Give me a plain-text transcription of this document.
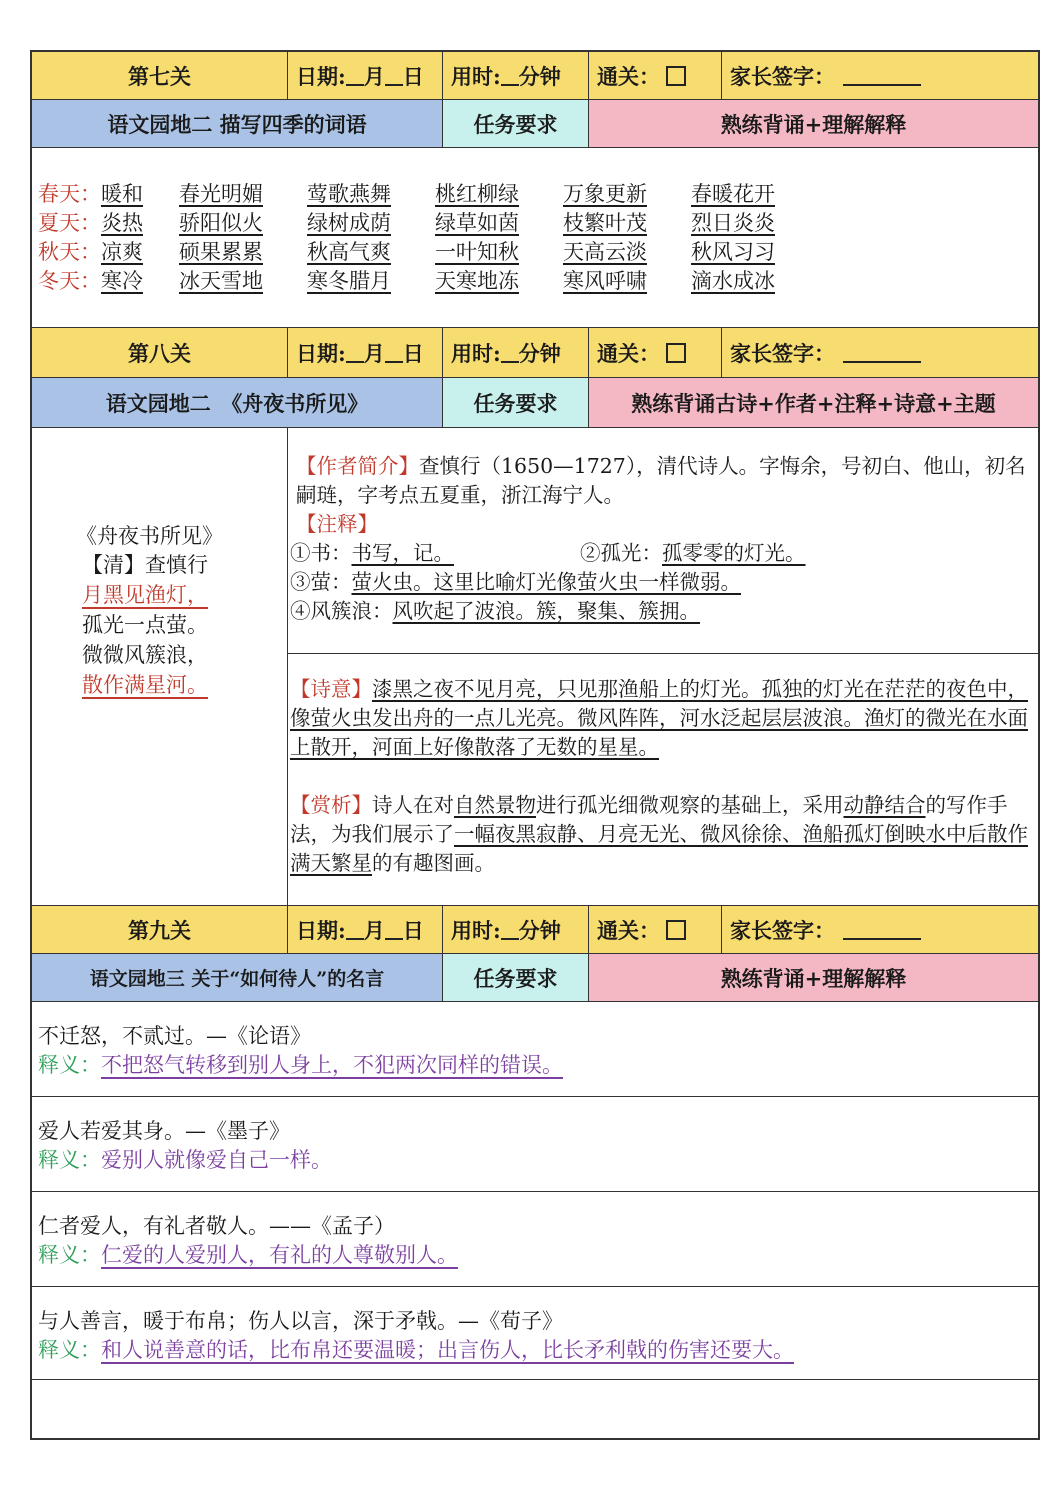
第七关	日期: 月 日 用时: 分钟 通关：	家长签字：
语文园地二 描写四季的词语	任务要求	熟练背诵+理解解释
春天：暖和 春光明媚 莺歌燕舞 桃红柳绿 万象更新 春暖花开
夏天：炎热 骄阳似火 绿树成荫 绿草如茵 枝繁叶茂 烈日炎炎
秋天：凉爽 硕果累累 秋高气爽 一叶知秋 天高云淡 秋风习习
冬天：寒冷 冰天雪地 寒冬腊月 天寒地冻 寒风呼啸 滴水成冰
第八关	日期: 月 日 用时: 分钟 通关：	家长签字：
语文园地二　《舟夜书所见》	任务要求	熟练背诵古诗+作者+注释+诗意+主题
《舟夜书所见》
【清】查慎行
月黑见渔灯，
孤光一点萤。
微微风簇浪，
散作满星河。
【作者简介】查慎行（1650—1727），清代诗人。字悔余，号初白、他山，初名嗣琏，字考点五夏重，浙江海宁人。
【注释】
①书：书写，记。	②孤光：孤零零的灯光。
③萤：萤火虫。这里比喻灯光像萤火虫一样微弱。
④风簇浪：风吹起了波浪。簇，聚集、簇拥。
【诗意】漆黑之夜不见月亮，只见那渔船上的灯光。孤独的灯光在茫茫的夜色中，像萤火虫发出舟的一点儿光亮。微风阵阵，河水泛起层层波浪。渔灯的微光在水面上散开，河面上好像散落了无数的星星。
【赏析】诗人在对自然景物进行孤光细微观察的基础上，采用动静结合的写作手法，为我们展示了一幅夜黑寂静、月亮无光、微风徐徐、渔船孤灯倒映水中后散作满天繁星的有趣图画。
第九关	日期: 月 日 用时: 分钟 通关：	家长签字：
语文园地三 关于“如何待人”的名言	任务要求	熟练背诵+理解解释
不迁怒，不贰过。—《论语》
释义：不把怒气转移到别人身上，不犯两次同样的错误。
爱人若爱其身。—《墨子》
释义：爱别人就像爱自己一样。
仁者爱人，有礼者敬人。——《孟子）
释义：仁爱的人爱别人，有礼的人尊敬别人。
与人善言，暖于布帛；伤人以言，深于矛戟。—《荀子》
释义：和人说善意的话，比布帛还要温暖；出言伤人，比长矛利戟的伤害还要大。
